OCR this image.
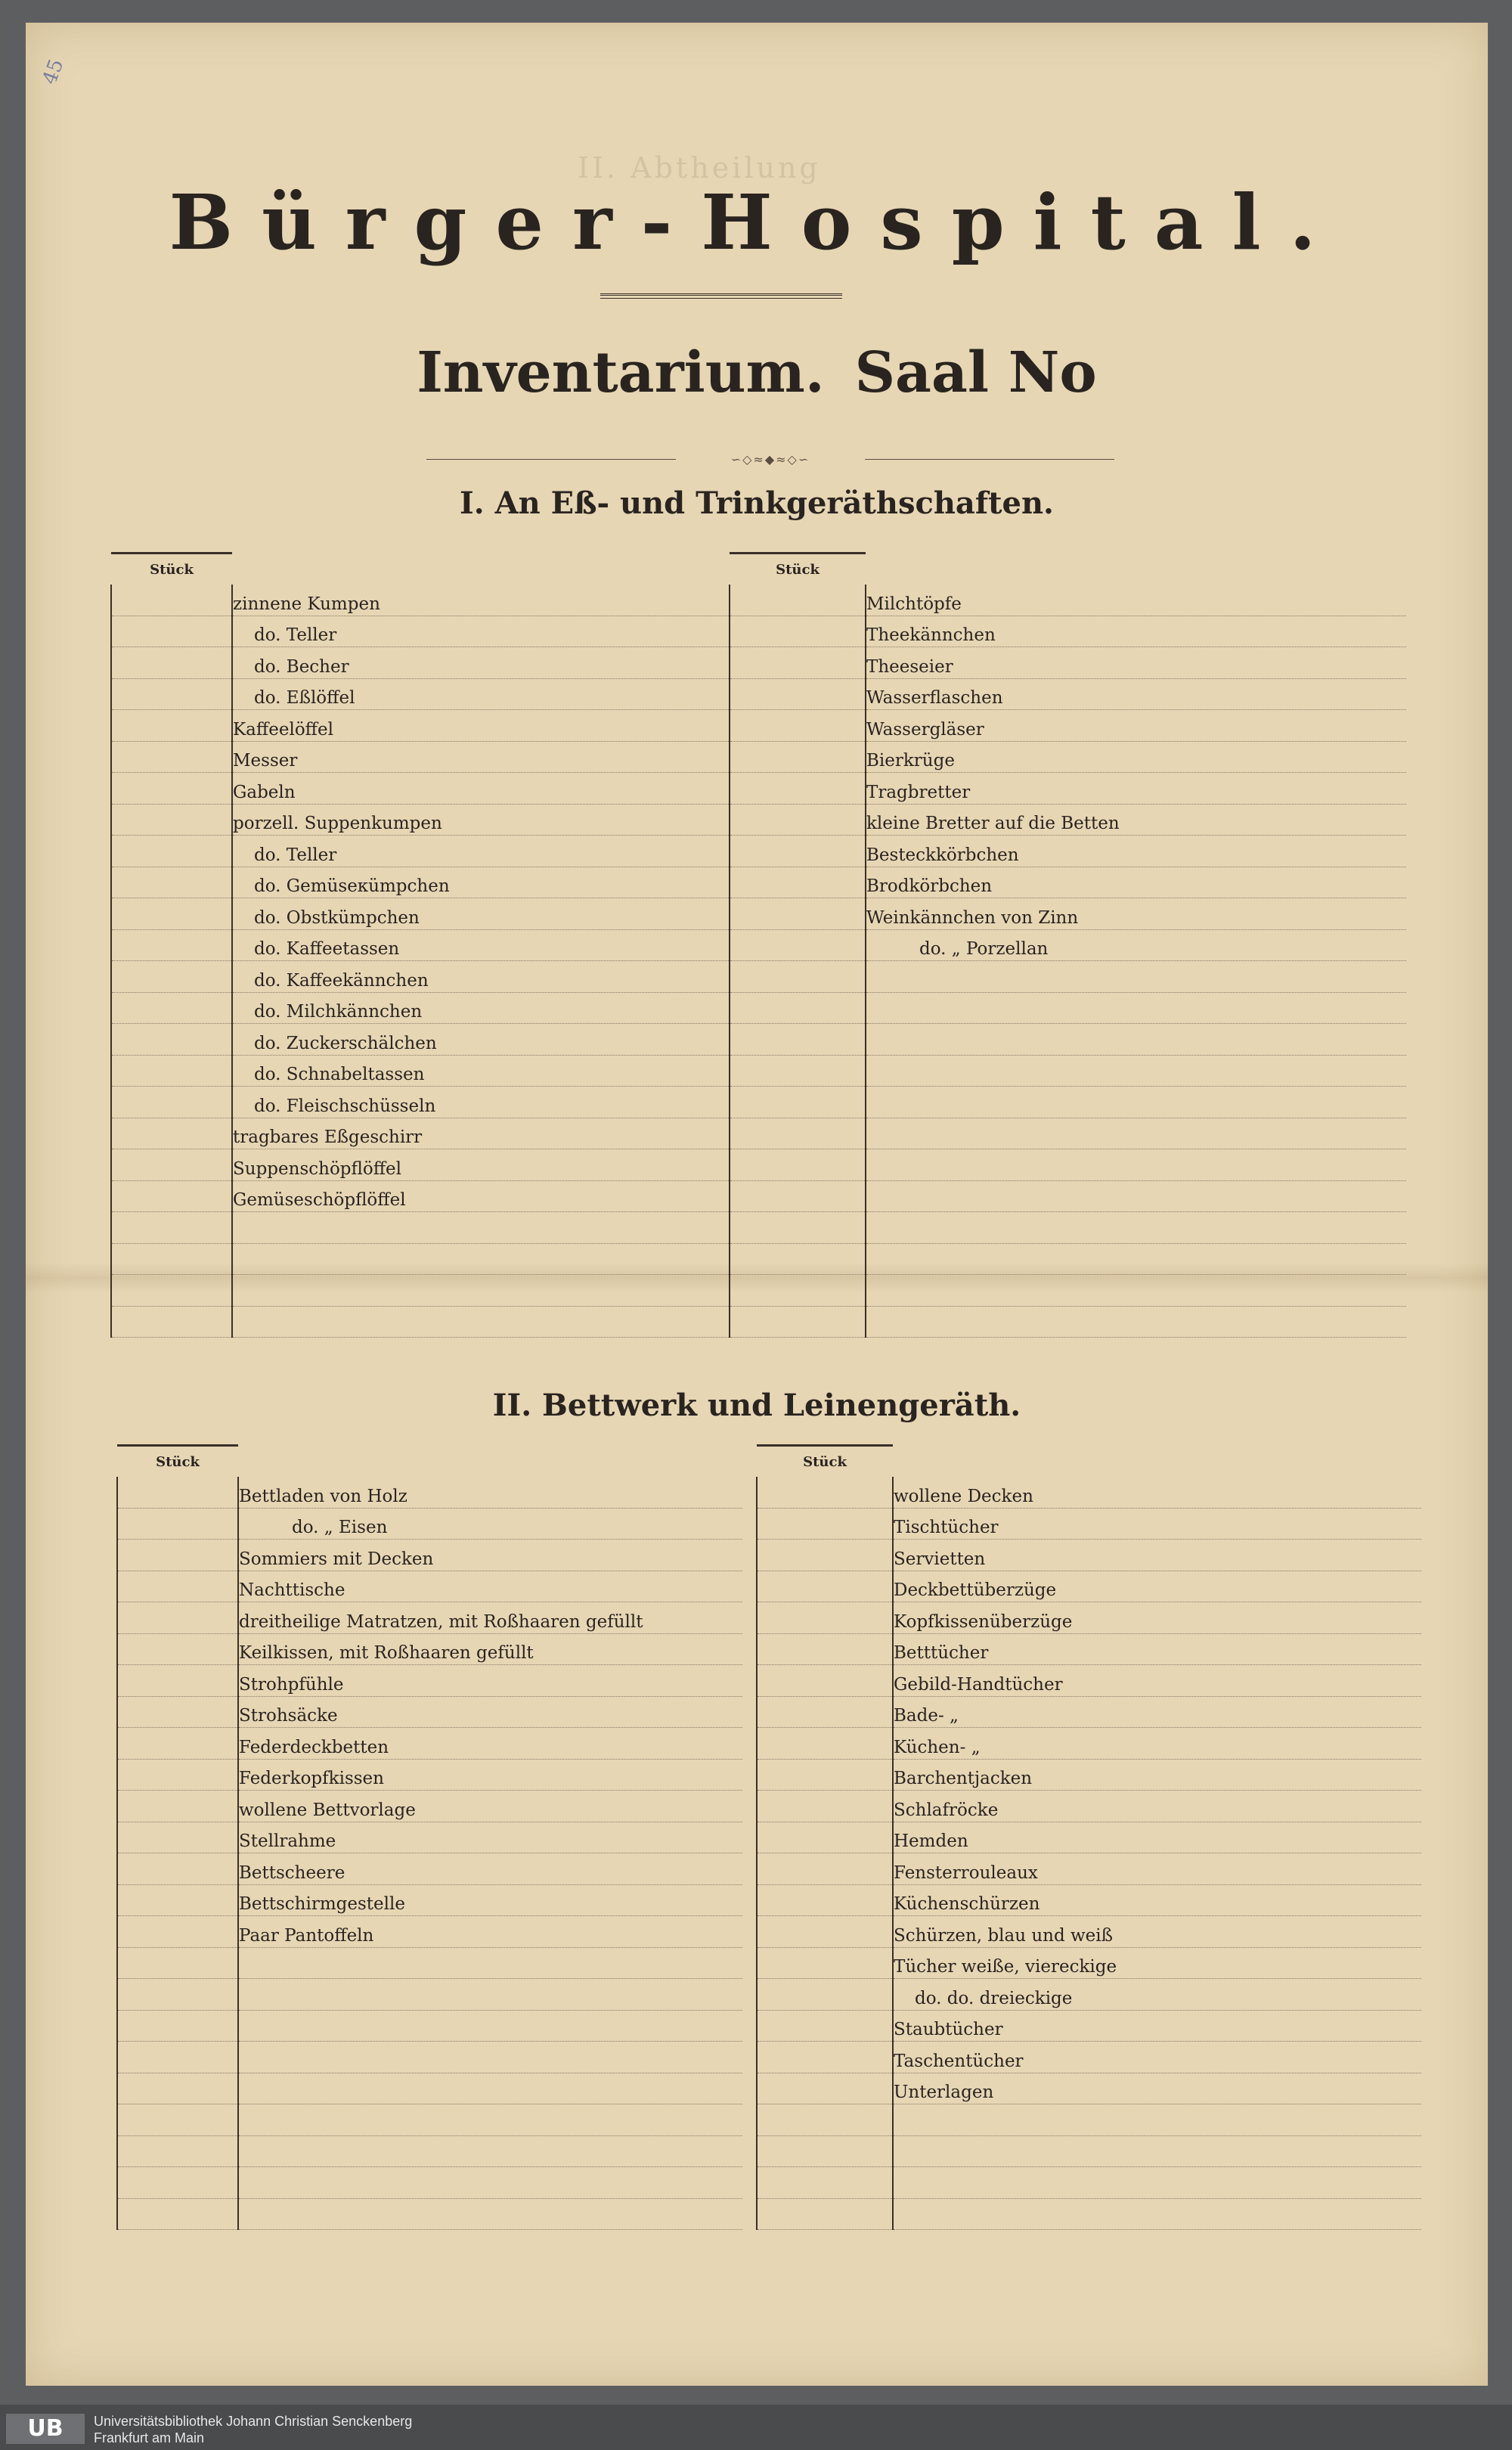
45
II. Abtheilung
Bürger-Hospital.
Inventarium. Saal No
∽◇≈◆≈◇∽
I. An Eß- und Trinkgeräthschaften.
Stück	
	zinnene Kumpen
	do. Teller
	do. Becher
	do. Eßlöffel
	Kaffeelöffel
	Messer
	Gabeln
	porzell. Suppenkumpen
	do. Teller
	do. Gemüseкümpchen
	do. Obstkümpchen
	do. Kaffeetassen
	do. Kaffeekännchen
	do. Milchkännchen
	do. Zuckerschälchen
	do. Schnabeltassen
	do. Fleischschüsseln
	tragbares Eßgeschirr
	Suppenschöpflöffel
	Gemüseschöpflöffel

Stück	
	Milchtöpfe
	Theekännchen
	Theeseier
	Wasserflaschen
	Wassergläser
	Bierkrüge
	Tragbretter
	kleine Bretter auf die Betten
	Besteckkörbchen
	Brodkörbchen
	Weinkännchen von Zinn
	do. „ Porzellan

II. Bettwerk und Leinengeräth.
Stück	
	Bettladen von Holz
	do. „ Eisen
	Sommiers mit Decken
	Nachttische
	dreitheilige Matratzen, mit Roßhaaren gefüllt
	Keilkissen, mit Roßhaaren gefüllt
	Strohpfühle
	Strohsäcke
	Federdeckbetten
	Federkopfkissen
	wollene Bettvorlage
	Stellrahme
	Bettscheere
	Bettschirmgestelle
	Paar Pantoffeln

Stück	
	wollene Decken
	Tischtücher
	Servietten
	Deckbettüberzüge
	Kopfkissenüberzüge
	Betttücher
	Gebild-Handtücher
	Bade- „
	Küchen- „
	Barchentjacken
	Schlafröcke
	Hemden
	Fensterrouleaux
	Küchenschürzen
	Schürzen, blau und weiß
	Tücher weiße, viereckige
	do. do. dreieckige
	Staubtücher
	Taschentücher
	Unterlagen

UB	Universitätsbibliothek Johann Christian Senckenberg
Frankfurt am Main
